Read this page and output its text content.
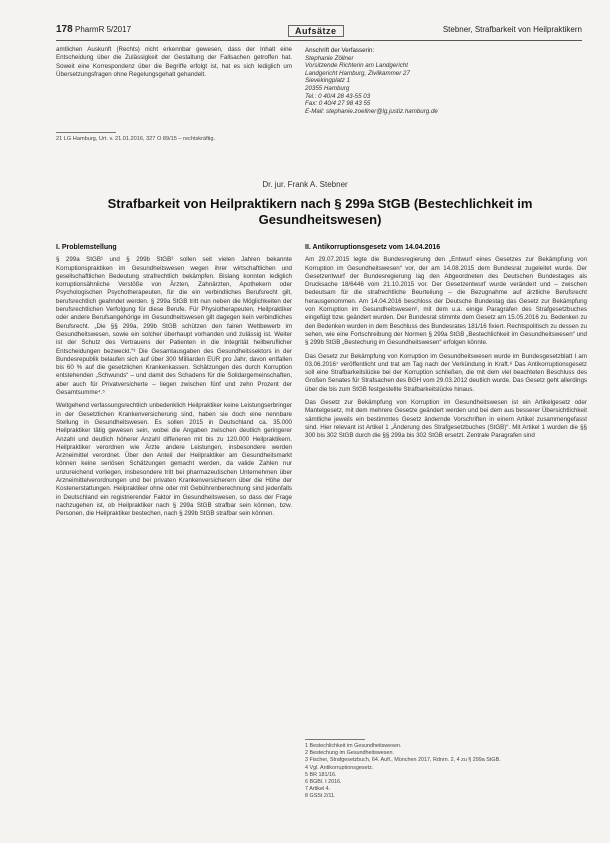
178 PharmR 5/2017	Aufsätze	Stebner, Strafbarkeit von Heilpraktikern

amtlichen Auskunft (Rechts) nicht erkennbar gewesen, dass der Inhalt eine Entscheidung über die Zulässigkeit der Gestaltung der Fallsachen getroffen hat. Soweit eine Korrespondenz über die Begriffe erfolgt ist, hat es sich lediglich um Übersetzungsfragen ohne Regelungsgehalt gehandelt.

21 LG Hamburg, Urt. v. 21.01.2016, 327 O 89/15 – rechtskräftig.
Anschrift der Verfasserin:
Stephanie Zöllner
Vorsitzende Richterin am Landgericht
Landgericht Hamburg, Zivilkammer 27
Sievekingplatz 1
20355 Hamburg
Tel.: 0 40/4 28 43-55 03
Fax: 0 40/4 27 98 43 55
E-Mail: stephanie.zoellner@lg.justiz.hamburg.de
Dr. jur. Frank A. Stebner
Strafbarkeit von Heilpraktikern nach § 299a StGB (Bestechlichkeit im Gesundheitswesen)
I. Problemstellung

§ 299a StGB¹ und § 299b StGB² sollen seit vielen Jahren bekannte Korruptionspraktiken im Gesundheitswesen wegen ihrer wirtschaftlichen und gesellschaftlichen Bedeutung strafrechtlich bekämpfen. Bislang konnten lediglich korruptionsähnliche Verstöße von Ärzten, Zahnärzten, Apothekern oder Psychologischen Psychotherapeuten, für die ein verbindliches Berufsrecht gilt, berufsrechtlich geahndet werden. § 299a StGB tritt nun neben die Möglichkeiten der berufsrechtlichen Verfolgung für diese Berufe. Für Physiotherapeuten, Heilpraktiker oder andere Berufsangehörige im Gesundheitswesen gilt dagegen kein verbindliches Berufsrecht. „Die §§ 299a, 299b StGB schützen den fairen Wettbewerb im Gesundheitswesen, sowie ein solcher überhaupt vorhanden und zulässig ist. Weiter ist der Schutz des Vertrauens der Patienten in die Integrität heilberuflicher Entscheidungen bezweckt.“³ Die Gesamtausgaben des Gesundheitssektors in der Bundesrepublik belaufen sich auf über 300 Milliarden EUR pro Jahr, davon entfallen bis 60 % auf die gesetzlichen Krankenkassen. Schätzungen des durch Korruption entstehenden „Schwunds“ – und damit des Schadens für die Solidargemeinschaften, aber auch für Privatversicherte – liegen zwischen fünf und zehn Prozent der Gesamtsumme⁴.⁵

Weitgehend verfassungsrechtlich unbedenklich Heilpraktiker keine Leistungserbringer in der Gesetzlichen Krankenversicherung sind, haben sie doch eine nennbare Stellung in Gesundheitswesen. Es sollen 2015 in Deutschland ca. 35.000 Heilpraktiker tätig gewesen sein, wobei die Angaben zwischen deutlich geringerer Anzahl und deutlich höherer Anzahl differieren mit bis zu 120.000 Heilpraktikern. Heilpraktiker verordnen wie Ärzte andere Leistungen, insbesondere werden Arzneimittel verordnet. Über den Anteil der Heilpraktiker am Gesundheitsmarkt können keine seriösen Schätzungen gemacht werden, da valide Zahlen nur unzureichend vorliegen, insbesondere tritt bei pharmazeutischen Unternehmen über Arzneimittelverordnungen und bei privaten Krankenversicherern über die Höhe der Kostenerstattungen. Heilpraktiker ohne oder mit Gebührenberechnung sind jedenfalls in Deutschland ein registrierender Faktor im Gesundheitswesen, so dass der Frage nachzugehen ist, ob Heilpraktiker nach § 299a StGB strafbar sein können, bzw. Personen, die Heilpraktiker bestechen, nach § 299b StGB strafbar sein können.

II. Antikorruptionsgesetz vom 14.04.2016

Am 29.07.2015 legte die Bundesregierung den „Entwurf eines Gesetzes zur Bekämpfung von Korruption im Gesundheitswesen“ vor, der am 14.08.2015 dem Bundesrat zugeleitet wurde. Der Gesetzentwurf der Bundesregierung lag den Abgeordneten des Deutschen Bundestages als Drucksache 18/6446 vom 21.10.2015 vor. Der Gesetzentwurf wurde verändert und – zwischen bedeutsam für die strafrechtliche Beurteilung – die Bezugnahme auf ärztliche Berufsrecht herausgenommen. Am 14.04.2016 beschloss der Deutsche Bundestag das Gesetz zur Bekämpfung von Korruption im Gesundheitswesen⁶, mit dem u.a. einige Paragrafen des Strafgesetzbuches eingefügt bzw. geändert wurden. Der Bundesrat stimmte dem Gesetz am 15.05.2016 zu. Bedenken zu den Bedenken wurden in dem Beschluss des Bundesrates 181/16 fixiert. Rechtspolitisch zu dessen zu sehen, wie eine Fortschreibung der Normen § 299a StGB „Bestechlichkeit im Gesundheitswesen“ und § 299b StGB „Bestechung im Gesundheitswesen“ erfolgen könnte.

Das Gesetz zur Bekämpfung von Korruption im Gesundheitswesen wurde im Bundesgesetzblatt I am 03.06.2016⁷ veröffentlicht und trat am Tag nach der Verkündung in Kraft.⁸ Das Antikorruptionsgesetz soll eine Strafbarkeitslücke bei der Korruption schließen, die mit dem viel beachteten Beschluss des Großen Senates für Strafsachen des BGH vom 29.03.2012 deutlich wurde. Das Gesetz geht allerdings über die bis zum StGB festgestellte Strafbarkeitslücke hinaus.

Das Gesetz zur Bekämpfung von Korruption im Gesundheitswesen ist ein Artikelgesetz oder Mantelgesetz, mit dem mehrere Gesetze geändert werden und bei dem aus besserer Übersichtlichkeit sämtliche jeweils ein bestimmtes Gesetz ändernde Vorschriften in einem Artikel zusammengefasst sind. Hier relevant ist Artikel 1 „Änderung des Strafgesetzbuches (StGB)“. Mit Artikel 1 wurden die §§ 300 bis 302 StGB durch die §§ 299a bis 302 StGB ersetzt. Zentrale Paragrafen sind

1 Bestechlichkeit im Gesundheitswesen.
2 Bestechung im Gesundheitswesen.
3 Fischer, Strafgesetzbuch, 64. Aufl., München 2017, Rdnrn. 2, 4 zu § 299a StGB.
4 Vgl. Antikorruptionsgesetz.
5 BR 181/16.
6 BGBl. I 2016.
7 Artikel 4.
8 GSSt 2/11.
